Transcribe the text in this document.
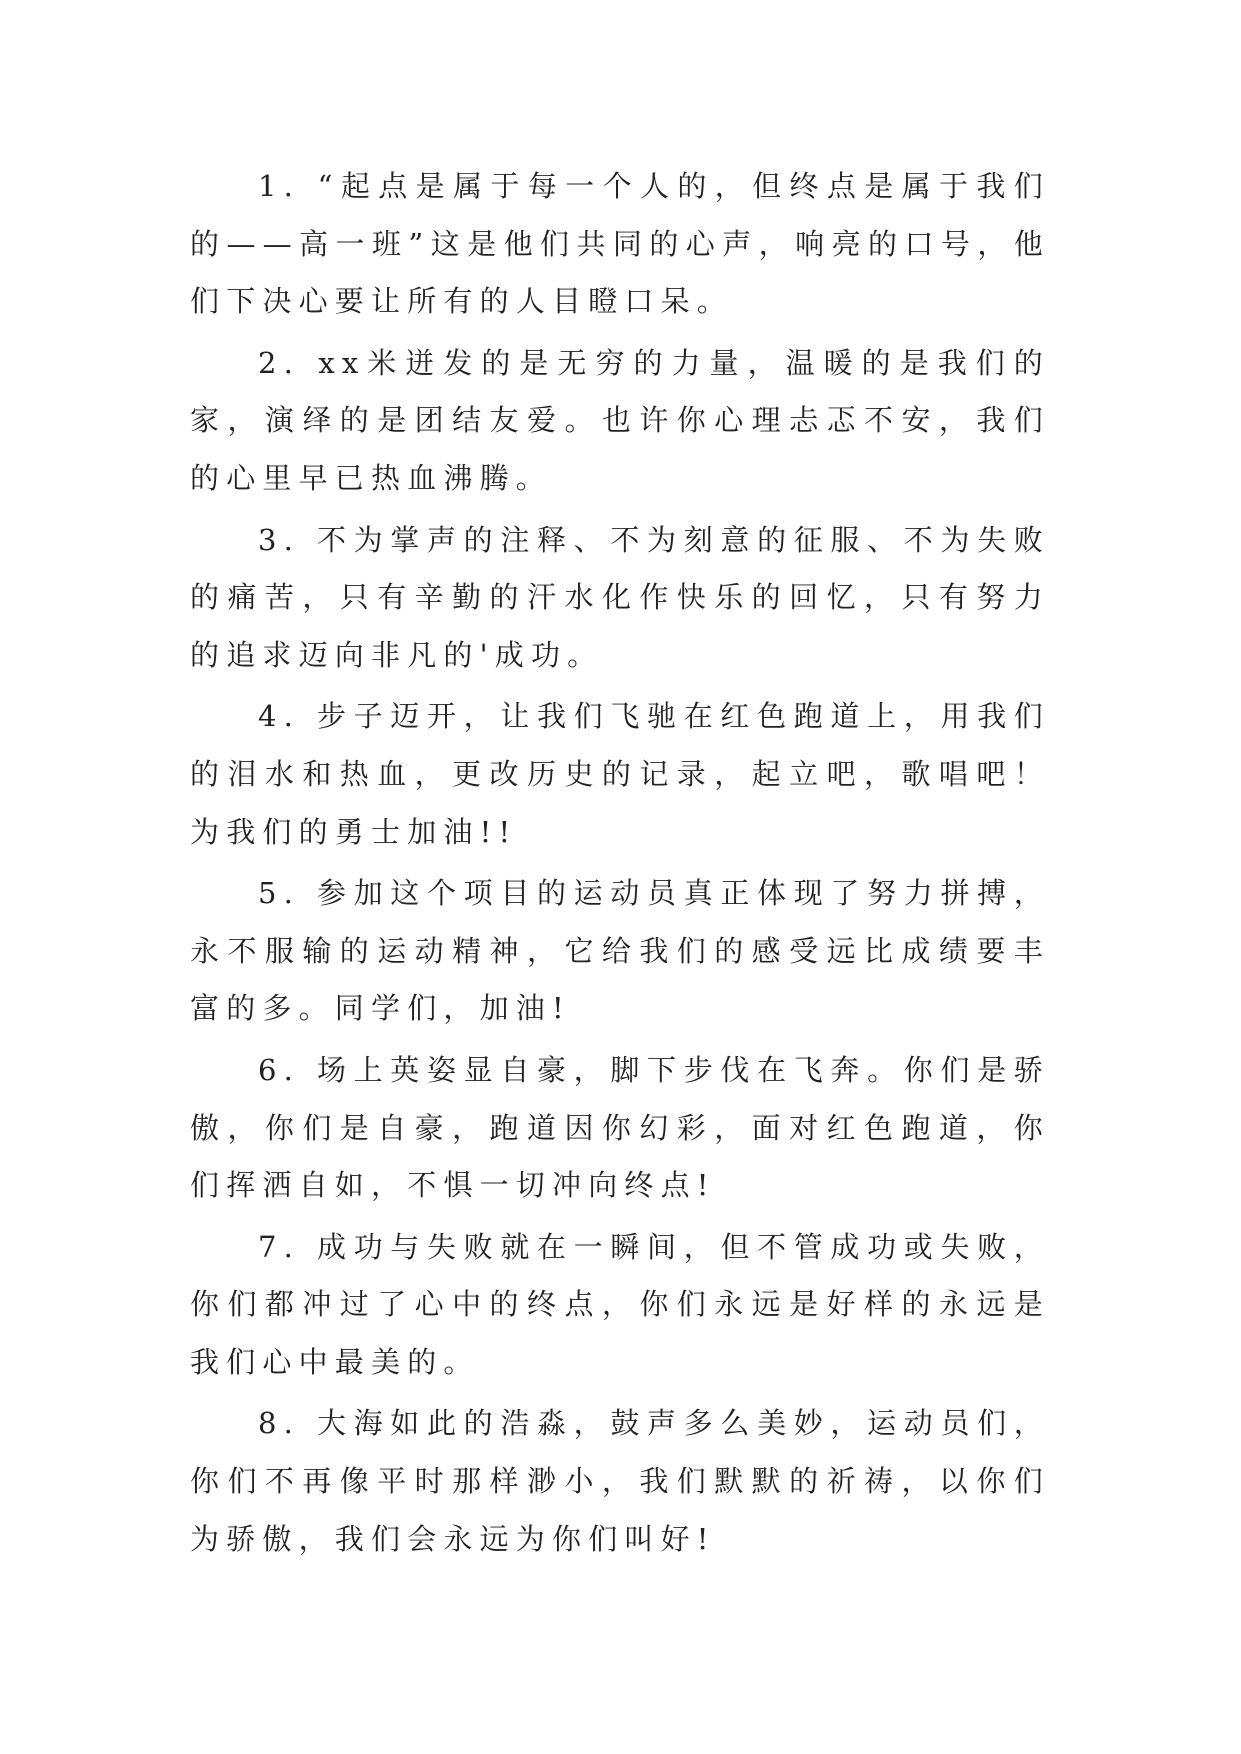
1. “起点是属于每一个人的，但终点是属于我们的——高一班”这是他们共同的心声，响亮的口号，他们下决心要让所有的人目瞪口呆。

2. xx米迸发的是无穷的力量，温暖的是我们的家，演绎的是团结友爱。也许你心理忐忑不安，我们的心里早已热血沸腾。

3. 不为掌声的注释、不为刻意的征服、不为失败的痛苦，只有辛勤的汗水化作快乐的回忆，只有努力的追求迈向非凡的'成功。

4. 步子迈开，让我们飞驰在红色跑道上，用我们的泪水和热血，更改历史的记录，起立吧，歌唱吧！为我们的勇士加油!!

5. 参加这个项目的运动员真正体现了努力拼搏，永不服输的运动精神，它给我们的感受远比成绩要丰富的多。同学们，加油!

6. 场上英姿显自豪，脚下步伐在飞奔。你们是骄傲，你们是自豪，跑道因你幻彩，面对红色跑道，你们挥洒自如，不惧一切冲向终点!

7. 成功与失败就在一瞬间，但不管成功或失败，你们都冲过了心中的终点，你们永远是好样的永远是我们心中最美的。

8. 大海如此的浩淼，鼓声多么美妙，运动员们，你们不再像平时那样渺小，我们默默的祈祷，以你们为骄傲，我们会永远为你们叫好!
